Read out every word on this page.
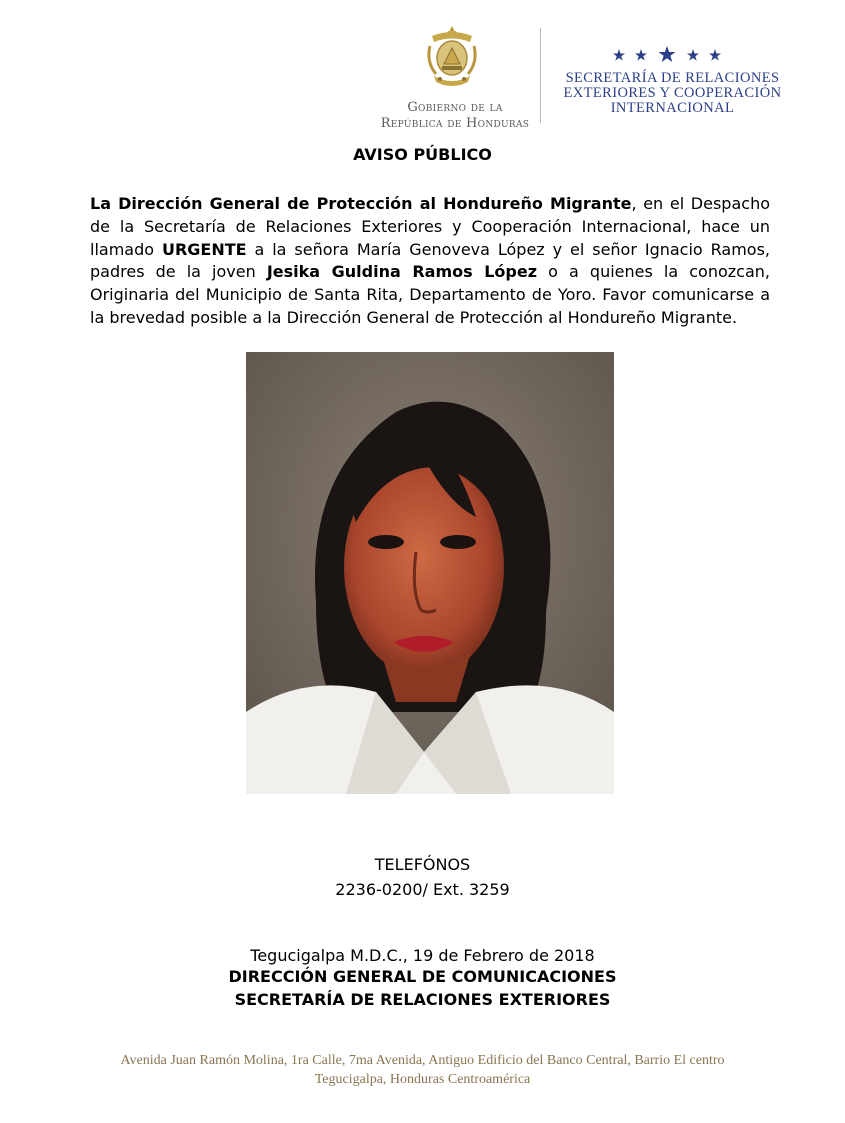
Gobierno de la
República de Honduras
SECRETARÍA DE RELACIONES
EXTERIORES Y COOPERACIÓN
INTERNACIONAL
AVISO PÚBLICO

La Dirección General de Protección al Hondureño Migrante, en el Despacho de la Secretaría de Relaciones Exteriores y Cooperación Internacional, hace un llamado URGENTE a la señora María Genoveva López y el señor Ignacio Ramos, padres de la joven Jesika Guldina Ramos López o a quienes la conozcan, Originaria del Municipio de Santa Rita, Departamento de Yoro. Favor comunicarse a la brevedad posible a la Dirección General de Protección al Hondureño Migrante.

TELEFÓNOS
2236-0200/ Ext. 3259
Tegucigalpa M.D.C., 19 de Febrero de 2018
DIRECCIÓN GENERAL DE COMUNICACIONES
SECRETARÍA DE RELACIONES EXTERIORES
Avenida Juan Ramón Molina, 1ra Calle, 7ma Avenida, Antiguo Edificio del Banco Central, Barrio El centro
Tegucigalpa, Honduras Centroamérica
